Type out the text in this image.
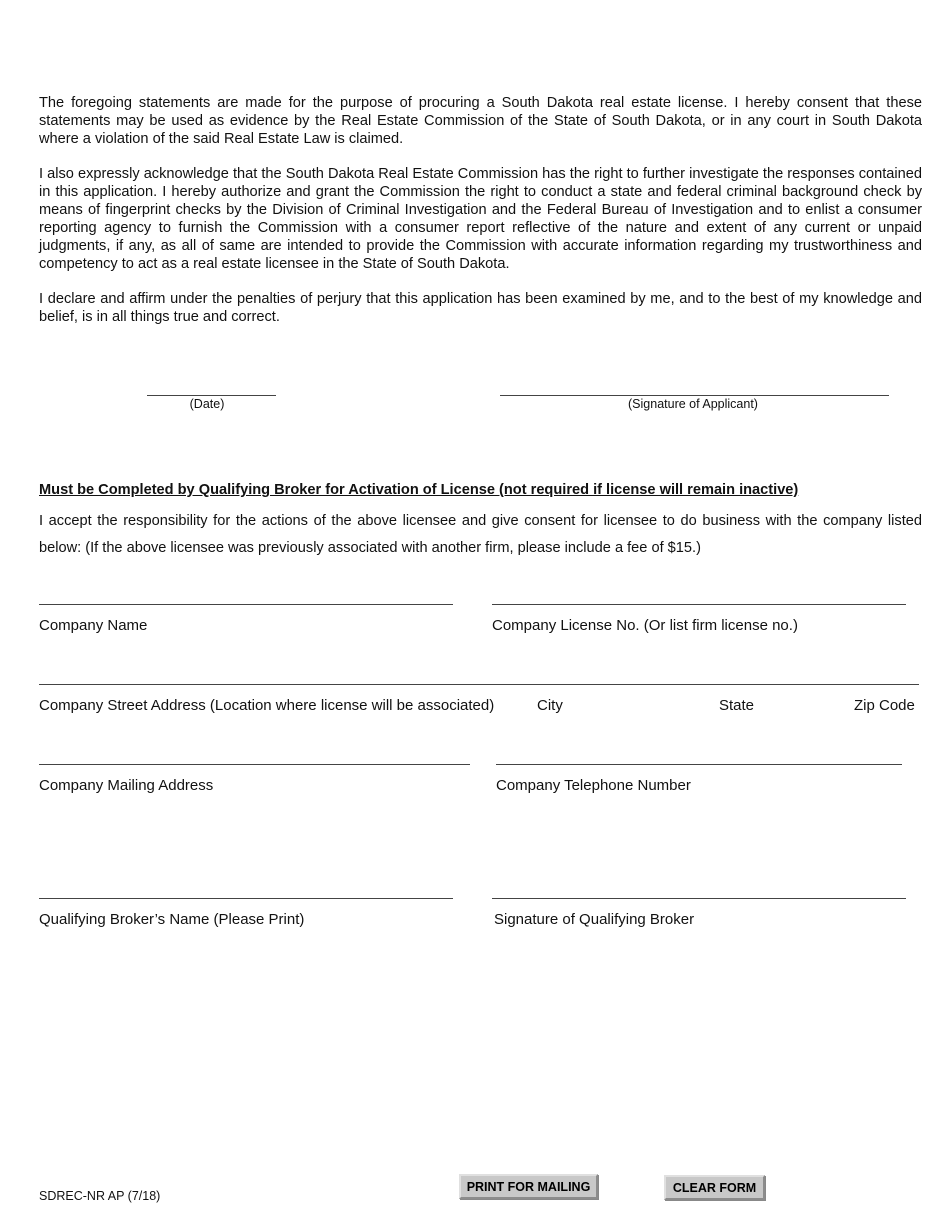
The foregoing statements are made for the purpose of procuring a South Dakota real estate license. I hereby consent that these statements may be used as evidence by the Real Estate Commission of the State of South Dakota, or in any court in South Dakota where a violation of the said Real Estate Law is claimed.

I also expressly acknowledge that the South Dakota Real Estate Commission has the right to further investigate the responses contained in this application. I hereby authorize and grant the Commission the right to conduct a state and federal criminal background check by means of fingerprint checks by the Division of Criminal Investigation and the Federal Bureau of Investigation and to enlist a consumer reporting agency to furnish the Commission with a consumer report reflective of the nature and extent of any current or unpaid judgments, if any, as all of same are intended to provide the Commission with accurate information regarding my trustworthiness and competency to act as a real estate licensee in the State of South Dakota.

I declare and affirm under the penalties of perjury that this application has been examined by me, and to the best of my knowledge and belief, is in all things true and correct.

(Date)	(Signature of Applicant)
Must be Completed by Qualifying Broker for Activation of License (not required if license will remain inactive)

I accept the responsibility for the actions of the above licensee and give consent for licensee to do business with the company listed below: (If the above licensee was previously associated with another firm, please include a fee of $15.)

Company Name	Company License No. (Or list firm license no.)
Company Street Address (Location where license will be associated)	City	State	Zip Code
Company Mailing Address	Company Telephone Number
Qualifying Broker’s Name (Please Print)	Signature of Qualifying Broker
SDREC-NR AP (7/18)
PRINT FOR MAILING	CLEAR FORM
